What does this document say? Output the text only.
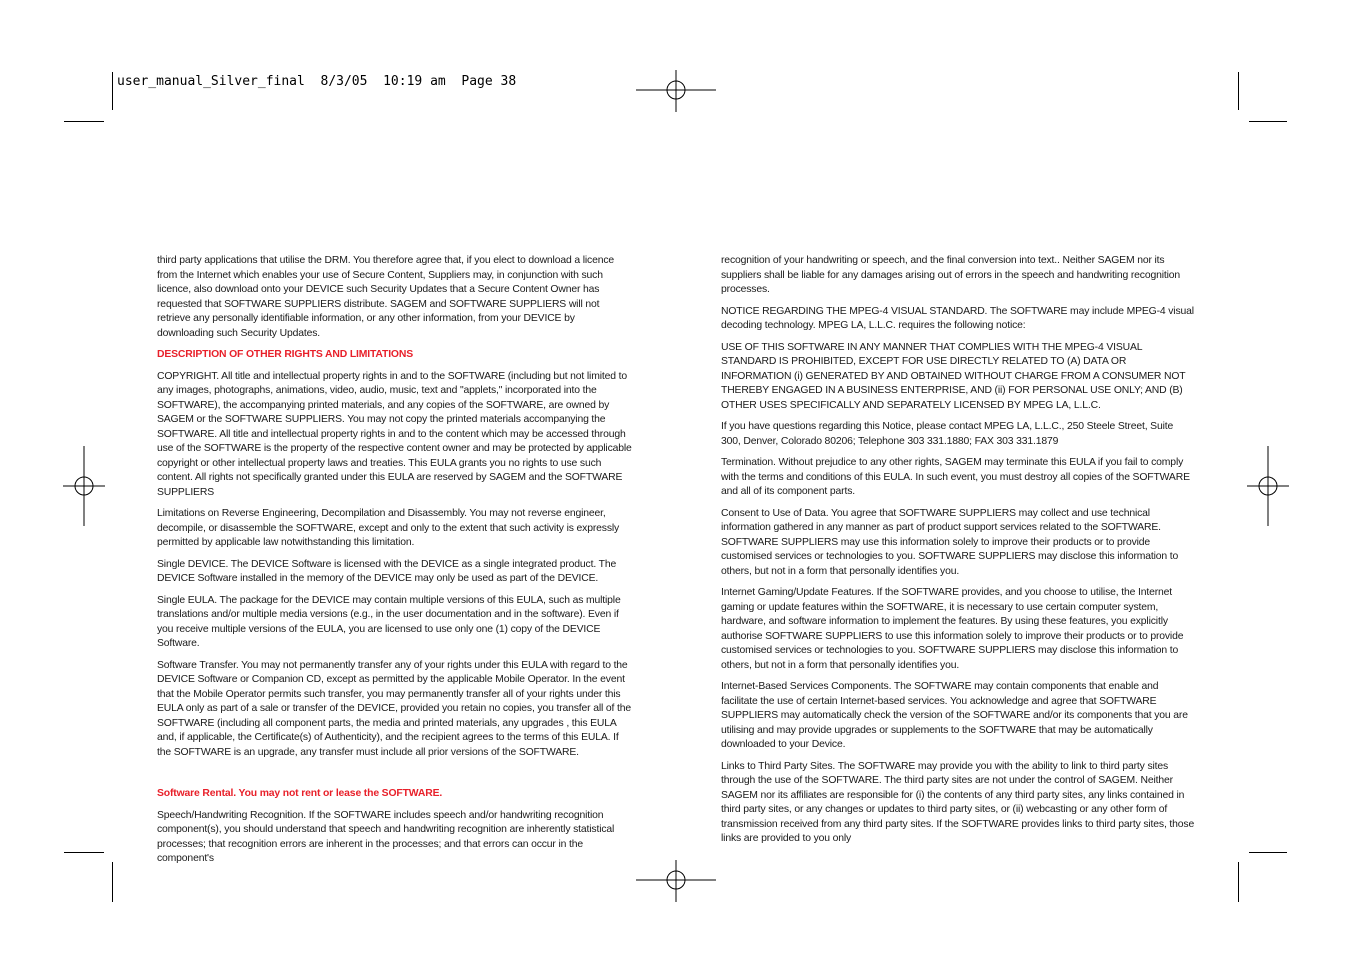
user_manual_Silver_final  8/3/05  10:19 am  Page 38

third party applications that utilise the DRM. You therefore agree that, if you elect to download a licence from the Internet which enables your use of Secure Content, Suppliers may, in conjunction with such licence, also download onto your DEVICE such Security Updates that a Secure Content Owner has requested that SOFTWARE SUPPLIERS distribute. SAGEM and SOFTWARE SUPPLIERS will not retrieve any personally identifiable information, or any other information, from your DEVICE by downloading such Security Updates.

DESCRIPTION OF OTHER RIGHTS AND LIMITATIONS

COPYRIGHT. All title and intellectual property rights in and to the SOFTWARE (including but not limited to any images, photographs, animations, video, audio, music, text and "applets," incorporated into the SOFTWARE), the accompanying printed materials, and any copies of the SOFTWARE, are owned by SAGEM or the SOFTWARE SUPPLIERS. You may not copy the printed materials accompanying the SOFTWARE. All title and intellectual property rights in and to the content which may be accessed through use of the SOFTWARE is the property of the respective content owner and may be protected by applicable copyright or other intellectual property laws and treaties. This EULA grants you no rights to use such content. All rights not specifically granted under this EULA are reserved by SAGEM and the SOFTWARE SUPPLIERS

Limitations on Reverse Engineering, Decompilation and Disassembly. You may not reverse engineer, decompile, or disassemble the SOFTWARE, except and only to the extent that such activity is expressly permitted by applicable law notwithstanding this limitation.

Single DEVICE. The DEVICE Software is licensed with the DEVICE as a single integrated product. The DEVICE Software installed in the memory of the DEVICE may only be used as part of the DEVICE.

Single EULA. The package for the DEVICE may contain multiple versions of this EULA, such as multiple translations and/or multiple media versions (e.g., in the user documentation and in the software). Even if you receive multiple versions of the EULA, you are licensed to use only one (1) copy of the DEVICE Software.

Software Transfer. You may not permanently transfer any of your rights under this EULA with regard to the DEVICE Software or Companion CD, except as permitted by the applicable Mobile Operator. In the event that the Mobile Operator permits such transfer, you may permanently transfer all of your rights under this EULA only as part of a sale or transfer of the DEVICE, provided you retain no copies, you transfer all of the SOFTWARE (including all component parts, the media and printed materials, any upgrades , this EULA and, if applicable, the Certificate(s) of Authenticity), and the recipient agrees to the terms of this EULA. If the SOFTWARE is an upgrade, any transfer must include all prior versions of the SOFTWARE.

Software Rental. You may not rent or lease the SOFTWARE.

Speech/Handwriting Recognition. If the SOFTWARE includes speech and/or handwriting recognition component(s), you should understand that speech and handwriting recognition are inherently statistical processes; that recognition errors are inherent in the processes; and that errors can occur in the component's

recognition of your handwriting or speech, and the final conversion into text.. Neither SAGEM nor its suppliers shall be liable for any damages arising out of errors in the speech and handwriting recognition processes.

NOTICE REGARDING THE MPEG-4 VISUAL STANDARD. The SOFTWARE may include MPEG-4 visual decoding technology. MPEG LA, L.L.C. requires the following notice:

USE OF THIS SOFTWARE IN ANY MANNER THAT COMPLIES WITH THE MPEG-4 VISUAL STANDARD IS PROHIBITED, EXCEPT FOR USE DIRECTLY RELATED TO (A) DATA OR INFORMATION (i) GENERATED BY AND OBTAINED WITHOUT CHARGE FROM A CONSUMER NOT THEREBY ENGAGED IN A BUSINESS ENTERPRISE, AND (ii) FOR PERSONAL USE ONLY; AND (B) OTHER USES SPECIFICALLY AND SEPARATELY LICENSED BY MPEG LA, L.L.C.

If you have questions regarding this Notice, please contact MPEG LA, L.L.C., 250 Steele Street, Suite 300, Denver, Colorado 80206; Telephone 303 331.1880; FAX 303 331.1879

Termination. Without prejudice to any other rights, SAGEM may terminate this EULA if you fail to comply with the terms and conditions of this EULA. In such event, you must destroy all copies of the SOFTWARE and all of its component parts.

Consent to Use of Data. You agree that SOFTWARE SUPPLIERS may collect and use technical information gathered in any manner as part of product support services related to the SOFTWARE. SOFTWARE SUPPLIERS may use this information solely to improve their products or to provide customised services or technologies to you. SOFTWARE SUPPLIERS may disclose this information to others, but not in a form that personally identifies you.

Internet Gaming/Update Features. If the SOFTWARE provides, and you choose to utilise, the Internet gaming or update features within the SOFTWARE, it is necessary to use certain computer system, hardware, and software information to implement the features. By using these features, you explicitly authorise SOFTWARE SUPPLIERS to use this information solely to improve their products or to provide customised services or technologies to you. SOFTWARE SUPPLIERS may disclose this information to others, but not in a form that personally identifies you.

Internet-Based Services Components. The SOFTWARE may contain components that enable and facilitate the use of certain Internet-based services. You acknowledge and agree that SOFTWARE SUPPLIERS may automatically check the version of the SOFTWARE and/or its components that you are utilising and may provide upgrades or supplements to the SOFTWARE that may be automatically downloaded to your Device.

Links to Third Party Sites. The SOFTWARE may provide you with the ability to link to third party sites through the use of the SOFTWARE. The third party sites are not under the control of SAGEM. Neither SAGEM nor its affiliates are responsible for (i) the contents of any third party sites, any links contained in third party sites, or any changes or updates to third party sites, or (ii) webcasting or any other form of transmission received from any third party sites. If the SOFTWARE provides links to third party sites, those links are provided to you only
